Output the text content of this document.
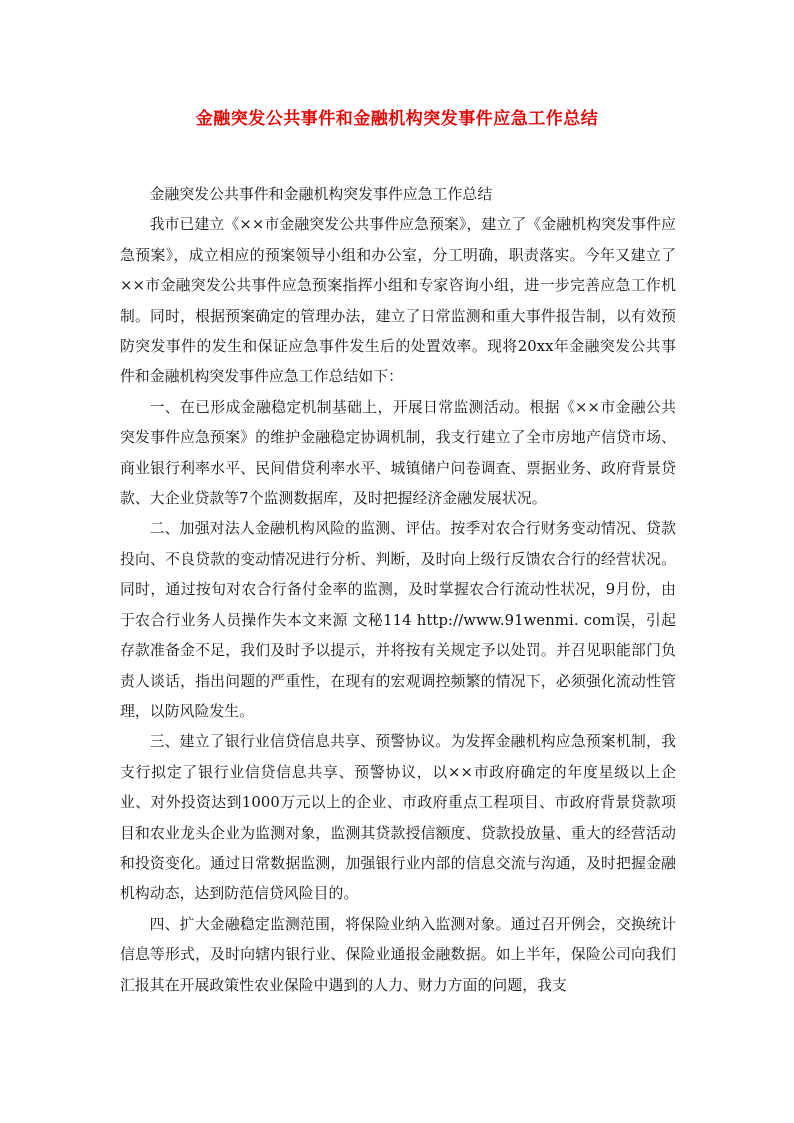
金融突发公共事件和金融机构突发事件应急工作总结

金融突发公共事件和金融机构突发事件应急工作总结

我市已建立《××市金融突发公共事件应急预案》，建立了《金融机构突发事件应急预案》，成立相应的预案领导小组和办公室，分工明确，职责落实。今年又建立了××市金融突发公共事件应急预案指挥小组和专家咨询小组，进一步完善应急工作机制。同时，根据预案确定的管理办法，建立了日常监测和重大事件报告制，以有效预防突发事件的发生和保证应急事件发生后的处置效率。现将20xx年金融突发公共事件和金融机构突发事件应急工作总结如下：

一、在已形成金融稳定机制基础上，开展日常监测活动。根据《××市金融公共突发事件应急预案》的维护金融稳定协调机制，我支行建立了全市房地产信贷市场、商业银行利率水平、民间借贷利率水平、城镇储户问卷调查、票据业务、政府背景贷款、大企业贷款等7个监测数据库，及时把握经济金融发展状况。

二、加强对法人金融机构风险的监测、评估。按季对农合行财务变动情况、贷款投向、不良贷款的变动情况进行分析、判断，及时向上级行反馈农合行的经营状况。同时，通过按旬对农合行备付金率的监测，及时掌握农合行流动性状况，9月份，由于农合行业务人员操作失本文来源 文秘114 http://www.91wenmi. com误，引起存款准备金不足，我们及时予以提示，并将按有关规定予以处罚。并召见职能部门负责人谈话，指出问题的严重性，在现有的宏观调控频繁的情况下，必须强化流动性管理，以防风险发生。

三、建立了银行业信贷信息共享、预警协议。为发挥金融机构应急预案机制，我支行拟定了银行业信贷信息共享、预警协议，以××市政府确定的年度星级以上企业、对外投资达到1000万元以上的企业、市政府重点工程项目、市政府背景贷款项目和农业龙头企业为监测对象，监测其贷款授信额度、贷款投放量、重大的经营活动和投资变化。通过日常数据监测，加强银行业内部的信息交流与沟通，及时把握金融机构动态，达到防范信贷风险目的。

四、扩大金融稳定监测范围，将保险业纳入监测对象。通过召开例会，交换统计信息等形式，及时向辖内银行业、保险业通报金融数据。如上半年，保险公司向我们汇报其在开展政策性农业保险中遇到的人力、财力方面的问题，我支
